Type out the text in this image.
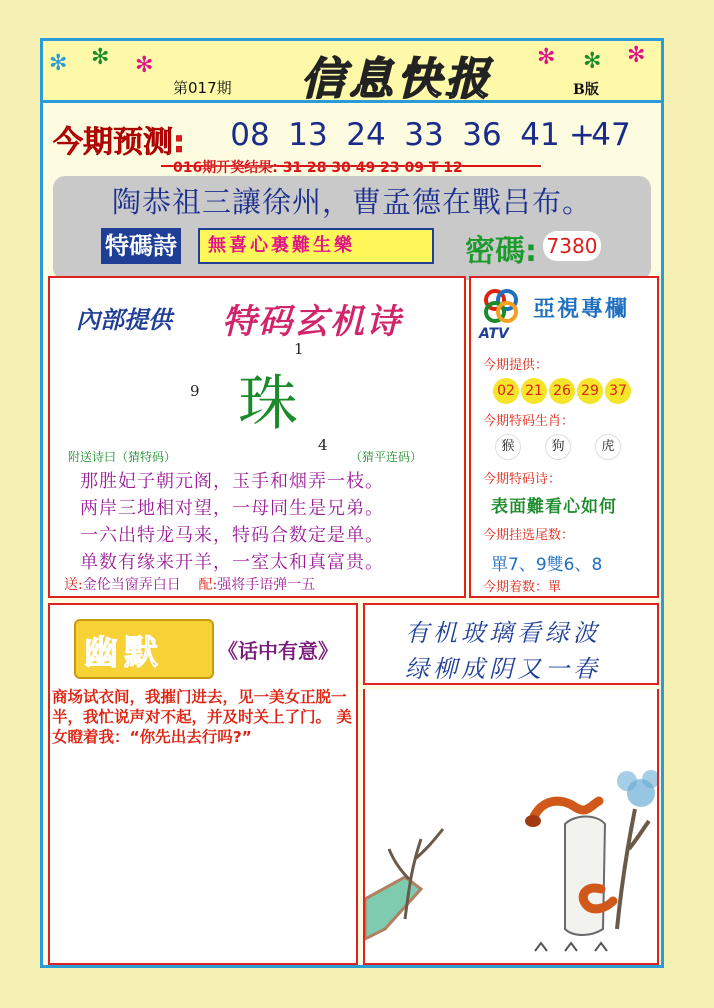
✻ ✻ ✻	✻ ✻ ✻
第017期 信息快报	B版
今期预测: 08 13 24 33 36 41 +
47
016期开奖结果: 31 28 30 49 23 09 T 12
陶恭祖三讓徐州，曹孟德在戰吕布。
特碼詩	無喜心裏難生樂	密碼: 7380
內部提供 特码玄机诗
1
9 珠
4
附送诗曰（猜特码）	（猜平连码）
那胜妃子朝元阁，玉手和烟弄一枝。
两岸三地相对望，一母同生是兄弟。
一六出特龙马来，特码合数定是单。
单数有缘来开羊，一室太和真富贵。
送:金伦当窗弄白日 配:强将手语弹一五
ATV
亞視專欄
今期提供：
02 21 26 29 37
今期特码生肖：
猴	狗	虎
今期特码诗：
表面難看心如何
今期挂选尾数：
單7、9雙6、8
今期着数：單
幽默	《话中有意》
商场试衣间，我摧门进去，见一美女正脱一半，我忙说声对不起，并及时关上了门。 美女瞪着我：“你先出去行吗?”
有机玻璃看绿波
绿柳成阴又一春
